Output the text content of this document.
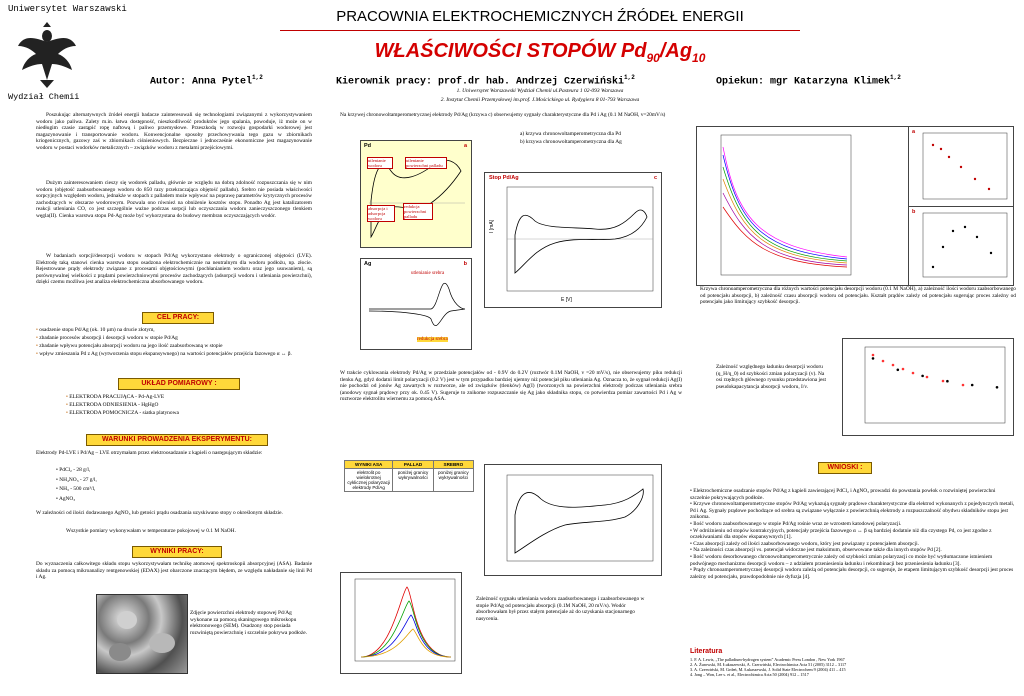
Uniwersytet Warszawski
Wydział Chemii
PRACOWNIA ELEKTROCHEMICZNYCH ŹRÓDEŁ ENERGII
WŁAŚCIWOŚCI STOPÓW $Pd_{90}/Ag_{10}$
Autor: Anna Pytel$^{1,2}$	Kierownik pracy: prof.dr hab. Andrzej Czerwiński$^{1,2}$	Opiekun: mgr Katarzyna Klimek$^{1,2}$
1. Uniwersytet Warszawski Wydział Chemii ul.Pasteura 1 02-093 Warszawa
2. Instytut Chemii Przemysłowej im.prof. J.Mościckiego ul. Rydygiera 8 01-793 Warszawa
Poszukując alternatywnych źródeł energii badacze zainteresowali się technologiami związanymi z wykorzystywaniem wodoru jako paliwa. Zalety m.in. łatwa dostępność, nieszkodliwość produktów jego spalania, powoduje, iż może on w niedługim czasie zastąpić ropę naftową i paliwo przemysłowe. Przeszkodą w rozwoju gospodarki wodorowej jest magazynowanie i transportowanie wodoru. Konwencjonalne sposoby przechowywania tego gazu w zbiornikach kriogenicznych, gazowy zaś w zbiornikach ciśnieniowych. Bezpieczne i jednocześnie ekonomiczne jest magazynowanie wodoru w postaci wodorków metalicznych – związków wodoru z metalami przejściowymi.
Dużym zainteresowaniem cieszy się wodorek palladu, głównie ze względu na dobrą zdolność rozpuszczania się w nim wodoru (objętość zaabsorbowanego wodoru do 850 razy przekraczająca objętość palladu). Srebro nie posiada właściwości sorpcyjnych względem wodoru, jednakże w stopach z palladem może wpływać na poprawę parametrów krytycznych procesów zachodzących w obszarze wodorowym. Pozwala ono również na obniżenie kosztów stopu. Ponadto Ag jest katalizatorem reakcji utleniania CO, co jest szczególnie ważne podczas sorpcji lub oczyszczania wodoru zanieczyszczonego tlenkiem węgla(II). Cienka warstwa stopu Pd-Ag może być wykorzystana do budowy membran oczyszczających wodór.
W badaniach sorpcji/desorpcji wodoru w stopach Pd/Ag wykorzystano elektrody o ograniczonej objętości (LVE). Elektrodę taką stanowi cienka warstwa stopu osadzona elektrochemicznie na neutralnym dla wodoru podłożu, np. złocie. Rejestrowane prądy elektrody związane z procesami objętościowymi (pochłanianiem wodoru oraz jego usuwaniem), są porównywalnej wielkości z prądami powierzchniowymi procesów zachodzących (adsorpcji wodoru i utleniania powierzchni), dzięki czemu możliwa jest analiza elektrochemiczna absorbowanego wodoru.
CEL PRACY:
• osadzenie stopu Pd/Ag (ok. 10 µm) na drucie złotym,
• zbadanie procesów absorpcji i desorpcji wodoru w stopie Pd/Ag
• zbadanie wpływu potencjału absorpcji wodoru na jego ilość zaabsorbowaną w stopie
• wpływ zmieszania Pd z Ag (wytworzenia stopu ekspansywnego) na wartości potencjałów przejścia fazowego α ↔ β.
UKŁAD POMIAROWY :
• ELEKTRODA PRACUJĄCA - Pd-Ag-LVE
• ELEKTRODA ODNIESIENIA - HgHgO
• ELEKTRODA POMOCNICZA - siatka platynowa
WARUNKI PROWADZENIA EKSPERYMENTU:
Elektrody Pd-LVE i Pd/Ag – LVE otrzymałam przez elektroosadzanie z kąpieli o następującym składzie:
• PdCl₂ - 28 g/l,
• NH₄NO₃ - 27 g/l,
• NH₃ - 500 cm³/l,
• AgNO₃
W zależności od ilości dodawanego AgNO₃ lub getości prądu osadzania uzyskiwano stopy o określonym składzie.
Wszystkie pomiary wykonywałam w temperaturze pokojowej w 0.1 M NaOH.
WYNIKI PRACY:
Do wyznaczenia całkowitego składu stopu wykorzystywałam technikę atomowej spektroskopii absorpcyjnej (ASA). Badanie składu za pomocą mikroanalizy rentgenowskiej (EDAX) jest obarczone znaczącym błędem, ze względu nakładanie się linii Pd i Ag.
Zdjęcie powierzchni elektrody stopowej Pd/Ag wykonane za pomocą skaningowego mikroskopu elektronowego (SEM). Osadzony stop posiada rozwiniętą powierzchnię i szczelnie pokrywa podłoże.
Na krzywej chronowoltamperometrycznej elektrody Pd/Ag (krzywa c) obserwujemy sygnały charakterystyczne dla Pd i Ag (0.1 M NaOH, v=20mV/s)
a) krzywa chronowoltamperometryczna dla Pd
b) krzywa chronowoltamperometryczna dla Ag
Pd	a
utlenianie wodoru
utlenianie powierzchni palladu
absorpcja i adsorpcja wodoru
redukcja powierzchni palladu
Ag	b
utlenianie srebra
redukcja srebra
Stop Pd/Ag	c
E [V]
I [mA]
W trakcie cyklowania elektrody Pd/Ag w przedziale potencjałów od - 0.9V do 0.2V (roztwór 0.1M NaOH, v =20 mV/s), nie obserwujemy piku redukcji tlenku Ag, gdyż dodatni limit polaryzacji (0.2 V) jest w tym przypadku bardziej ujemny niż potencjał piku utleniania Ag. Oznacza to, że sygnał redukcji Ag(I) nie pochodzi od jonów Ag zawartych w roztworze, ale od związków (tlenków) Ag(I) (tworzonych na powierzchni elektrody podczas utleniania srebra (anodowy sygnał prądowy przy ok. 0.45 V). Sugeruje to znikome rozpuszczanie się Ag jako składnika stopu, co potwierdza pomiar zawartości Pd i Ag w roztworze elektrolitu wiernemu za pomocą ASA.
WYNIKI ASA	PALLAD	SREBRO
elektrolit po wielokrotnej cyklicznej polaryzacji elektrody Pd/Ag	poniżej granicy wykrywalności	poniżej granicy wykrywalności
Zależność sygnału utleniania wodoru zaadsorbowanego i zaabsorbowanego w stopie Pd/Ag od potencjału absorpcji (0.1M NaOH, 20 mV/s). Wodór absorbowałam był przez stałym potencjale aż do uzyskania stacjonarnego nasycenia.
a
b
Krzywa chronoamperometryczna dla różnych wartości potencjału desorpcji wodoru (0.1 M NaOH), a) zależność ilości wodoru zaabsorbowanego od potencjału absorpcji, b) zależność czasu absorpcji wodoru od potencjału. Kształt prądów zależy od potencjału sugerując proces zależny od potencjału jako limitujący szybkość desorpcji.
Zależność względnego ładunku desorpcji wodoru (q_H/q_0) od szybkości zmian polaryzacji (v). Na osi rzędnych głównego rysunku przedstawiona jest pseudokapacytancja absorpcji wodoru, I/v.
WNIOSKI :
• Elektrochemiczne osadzanie stopów Pd/Ag z kąpieli zawierającej PdCl₂ i AgNO₃ prowadzi do powstania powłok o rozwiniętej powierzchni szczelnie pokrywających podłoże.
• Krzywe chronowoltamperometryczne stopów Pd/Ag wykazują sygnały prądowe charakterystyczne dla elektrod wykonanych z pojedynczych metali, Pd i Ag. Sygnały prądowe pochodzące od srebra są związane wyłącznie z powierzchnią elektrody a rozpuszczalność obydwu składników stopu jest znikoma.
• Ilość wodoru zaabsorbowanego w stopie Pd/Ag rośnie wraz ze wzrostem katodowej polaryzacji.
• W odróżnieniu od stopów kontrakcyjnych, potencjały przejścia fazowego α ↔ β są bardziej dodatnie niż dla czystego Pd, co jest zgodne z oczekiwaniami dla stopów ekspansywnych [1].
• Czas absorpcji zależy od ilości zaabsorbowanego wodoru, który jest powiązany z potencjałem absorpcji.
• Na zależności czas absorpcji vs. potencjał widoczne jest maksimum, obserwowane także dla innych stopów Pd [2].
• Ilość wodoru desorbowanego chronowoltamperometrycznie zależy od szybkości zmian polaryzacji co może być wytłumaczone istnieniem podwójnego mechanizmu desorpcji wodoru – z udziałem przeniesienia ładunku i rekombinacji bez przeniesienia ładunku [3].
• Prądy chronoamperometrycznej desorpcji wodoru zależą od potencjału desorpcji, co sugeruje, że etapem limitującym szybkość desorpcji jest proces zależny od potencjału, prawdopodobnie nie dyfuzja [4].
Literatura
1. F. A. Lewis, „The palladium-hydrogen system” Academic Press London , New York 1967
2. A. Żurowski, M. Łukaszewski, A. Czerwiński, Electrochimica Acta 51 (2005) 3112 – 3117
3. A. Czerwiński, M. Grdeń, M. Łukaszewski, J. Solid State Electrochem 9 (2004) 411 – 415
4. Jong – Won, Lee s. et al., Electrochimica Acta 50 (2004) 912 – 1517
